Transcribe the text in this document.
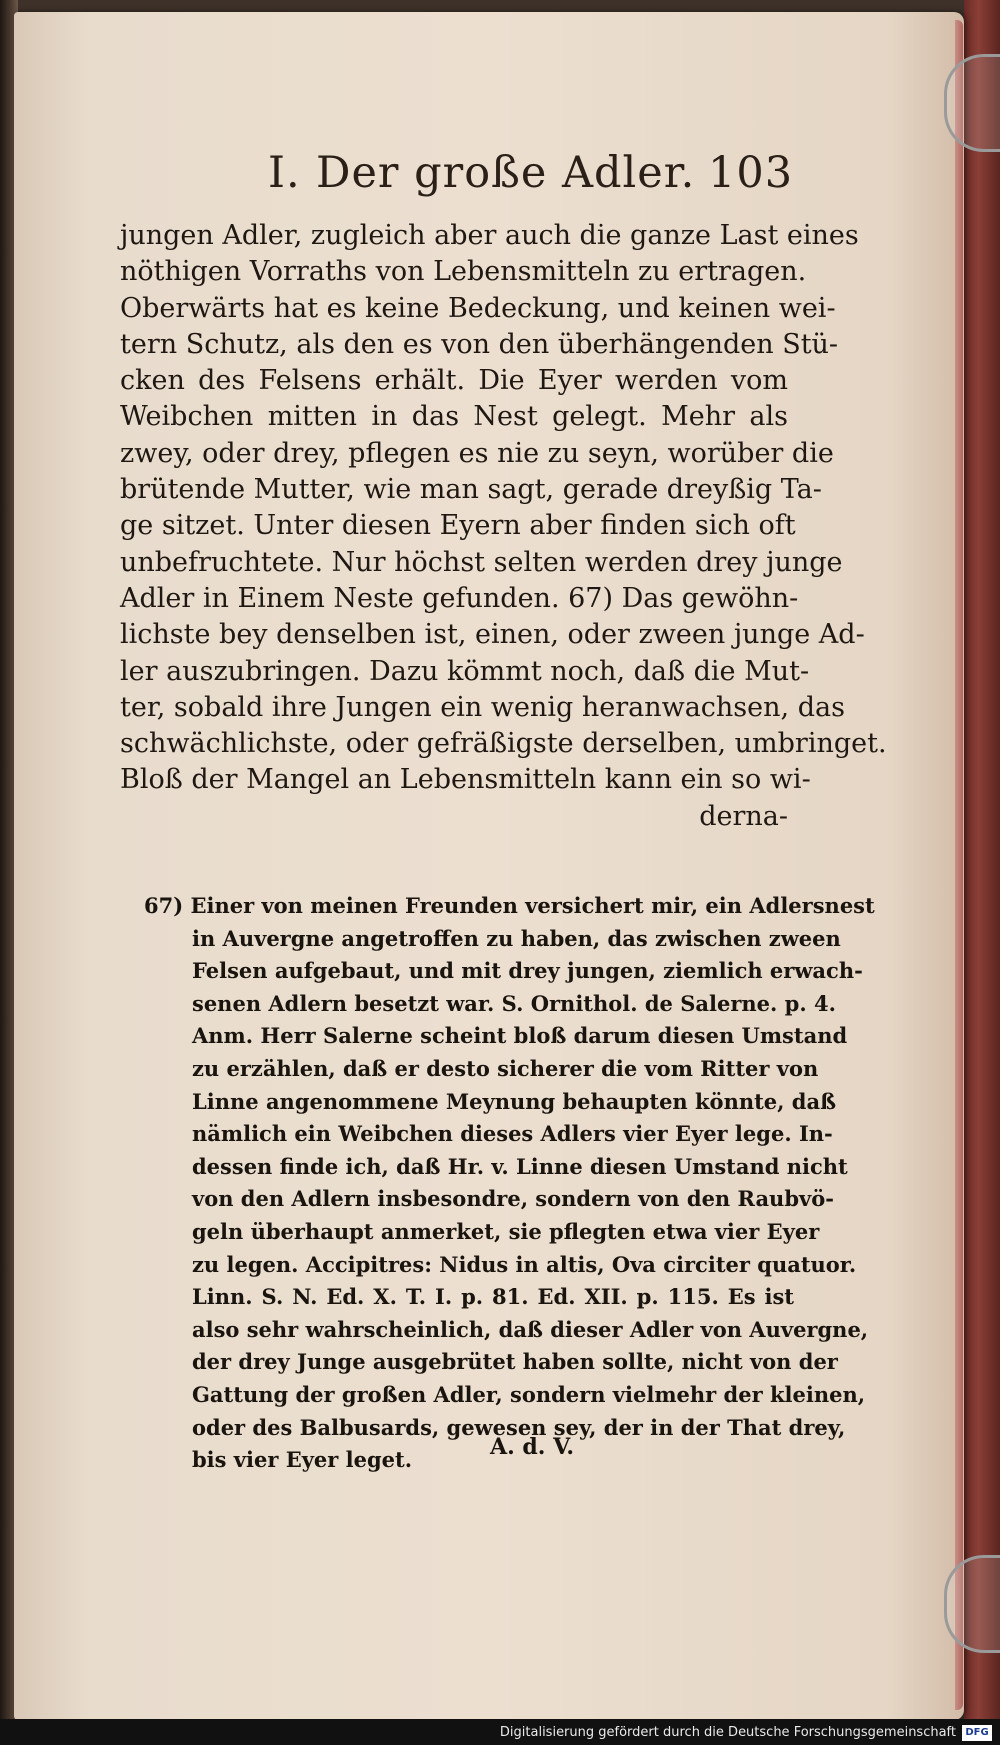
I. Der große Adler. 103
jungen Adler, zugleich aber auch die ganze Last eines
nöthigen Vorraths von Lebensmitteln zu ertragen.
Oberwärts hat es keine Bedeckung, und keinen wei-
tern Schutz, als den es von den überhängenden Stü-
cken des Felsens erhält. Die Eyer werden vom
Weibchen mitten in das Nest gelegt. Mehr als
zwey, oder drey, pflegen es nie zu seyn, worüber die
brütende Mutter, wie man sagt, gerade dreyßig Ta-
ge sitzet. Unter diesen Eyern aber finden sich oft
unbefruchtete. Nur höchst selten werden drey junge
Adler in Einem Neste gefunden. 67) Das gewöhn-
lichste bey denselben ist, einen, oder zween junge Ad-
ler auszubringen. Dazu kömmt noch, daß die Mut-
ter, sobald ihre Jungen ein wenig heranwachsen, das
schwächlichste, oder gefräßigste derselben, umbringet.
Bloß der Mangel an Lebensmitteln kann ein so wi-
derna-
67) Einer von meinen Freunden versichert mir, ein Adlersnest
in Auvergne angetroffen zu haben, das zwischen zween
Felsen aufgebaut, und mit drey jungen, ziemlich erwach-
senen Adlern besetzt war. S. Ornithol. de Salerne. p. 4.
Anm. Herr Salerne scheint bloß darum diesen Umstand
zu erzählen, daß er desto sicherer die vom Ritter von
Linne angenommene Meynung behaupten könnte, daß
nämlich ein Weibchen dieses Adlers vier Eyer lege. In-
dessen finde ich, daß Hr. v. Linne diesen Umstand nicht
von den Adlern insbesondre, sondern von den Raubvö-
geln überhaupt anmerket, sie pflegten etwa vier Eyer
zu legen. Accipitres: Nidus in altis, Ova circiter quatuor.
Linn. S. N. Ed. X. T. I. p. 81. Ed. XII. p. 115. Es ist
also sehr wahrscheinlich, daß dieser Adler von Auvergne,
der drey Junge ausgebrütet haben sollte, nicht von der
Gattung der großen Adler, sondern vielmehr der kleinen,
oder des Balbusards, gewesen sey, der in der That drey,
bis vier Eyer leget.	A. d. V.
Digitalisierung gefördert durch die Deutsche Forschungsgemeinschaft DFG
